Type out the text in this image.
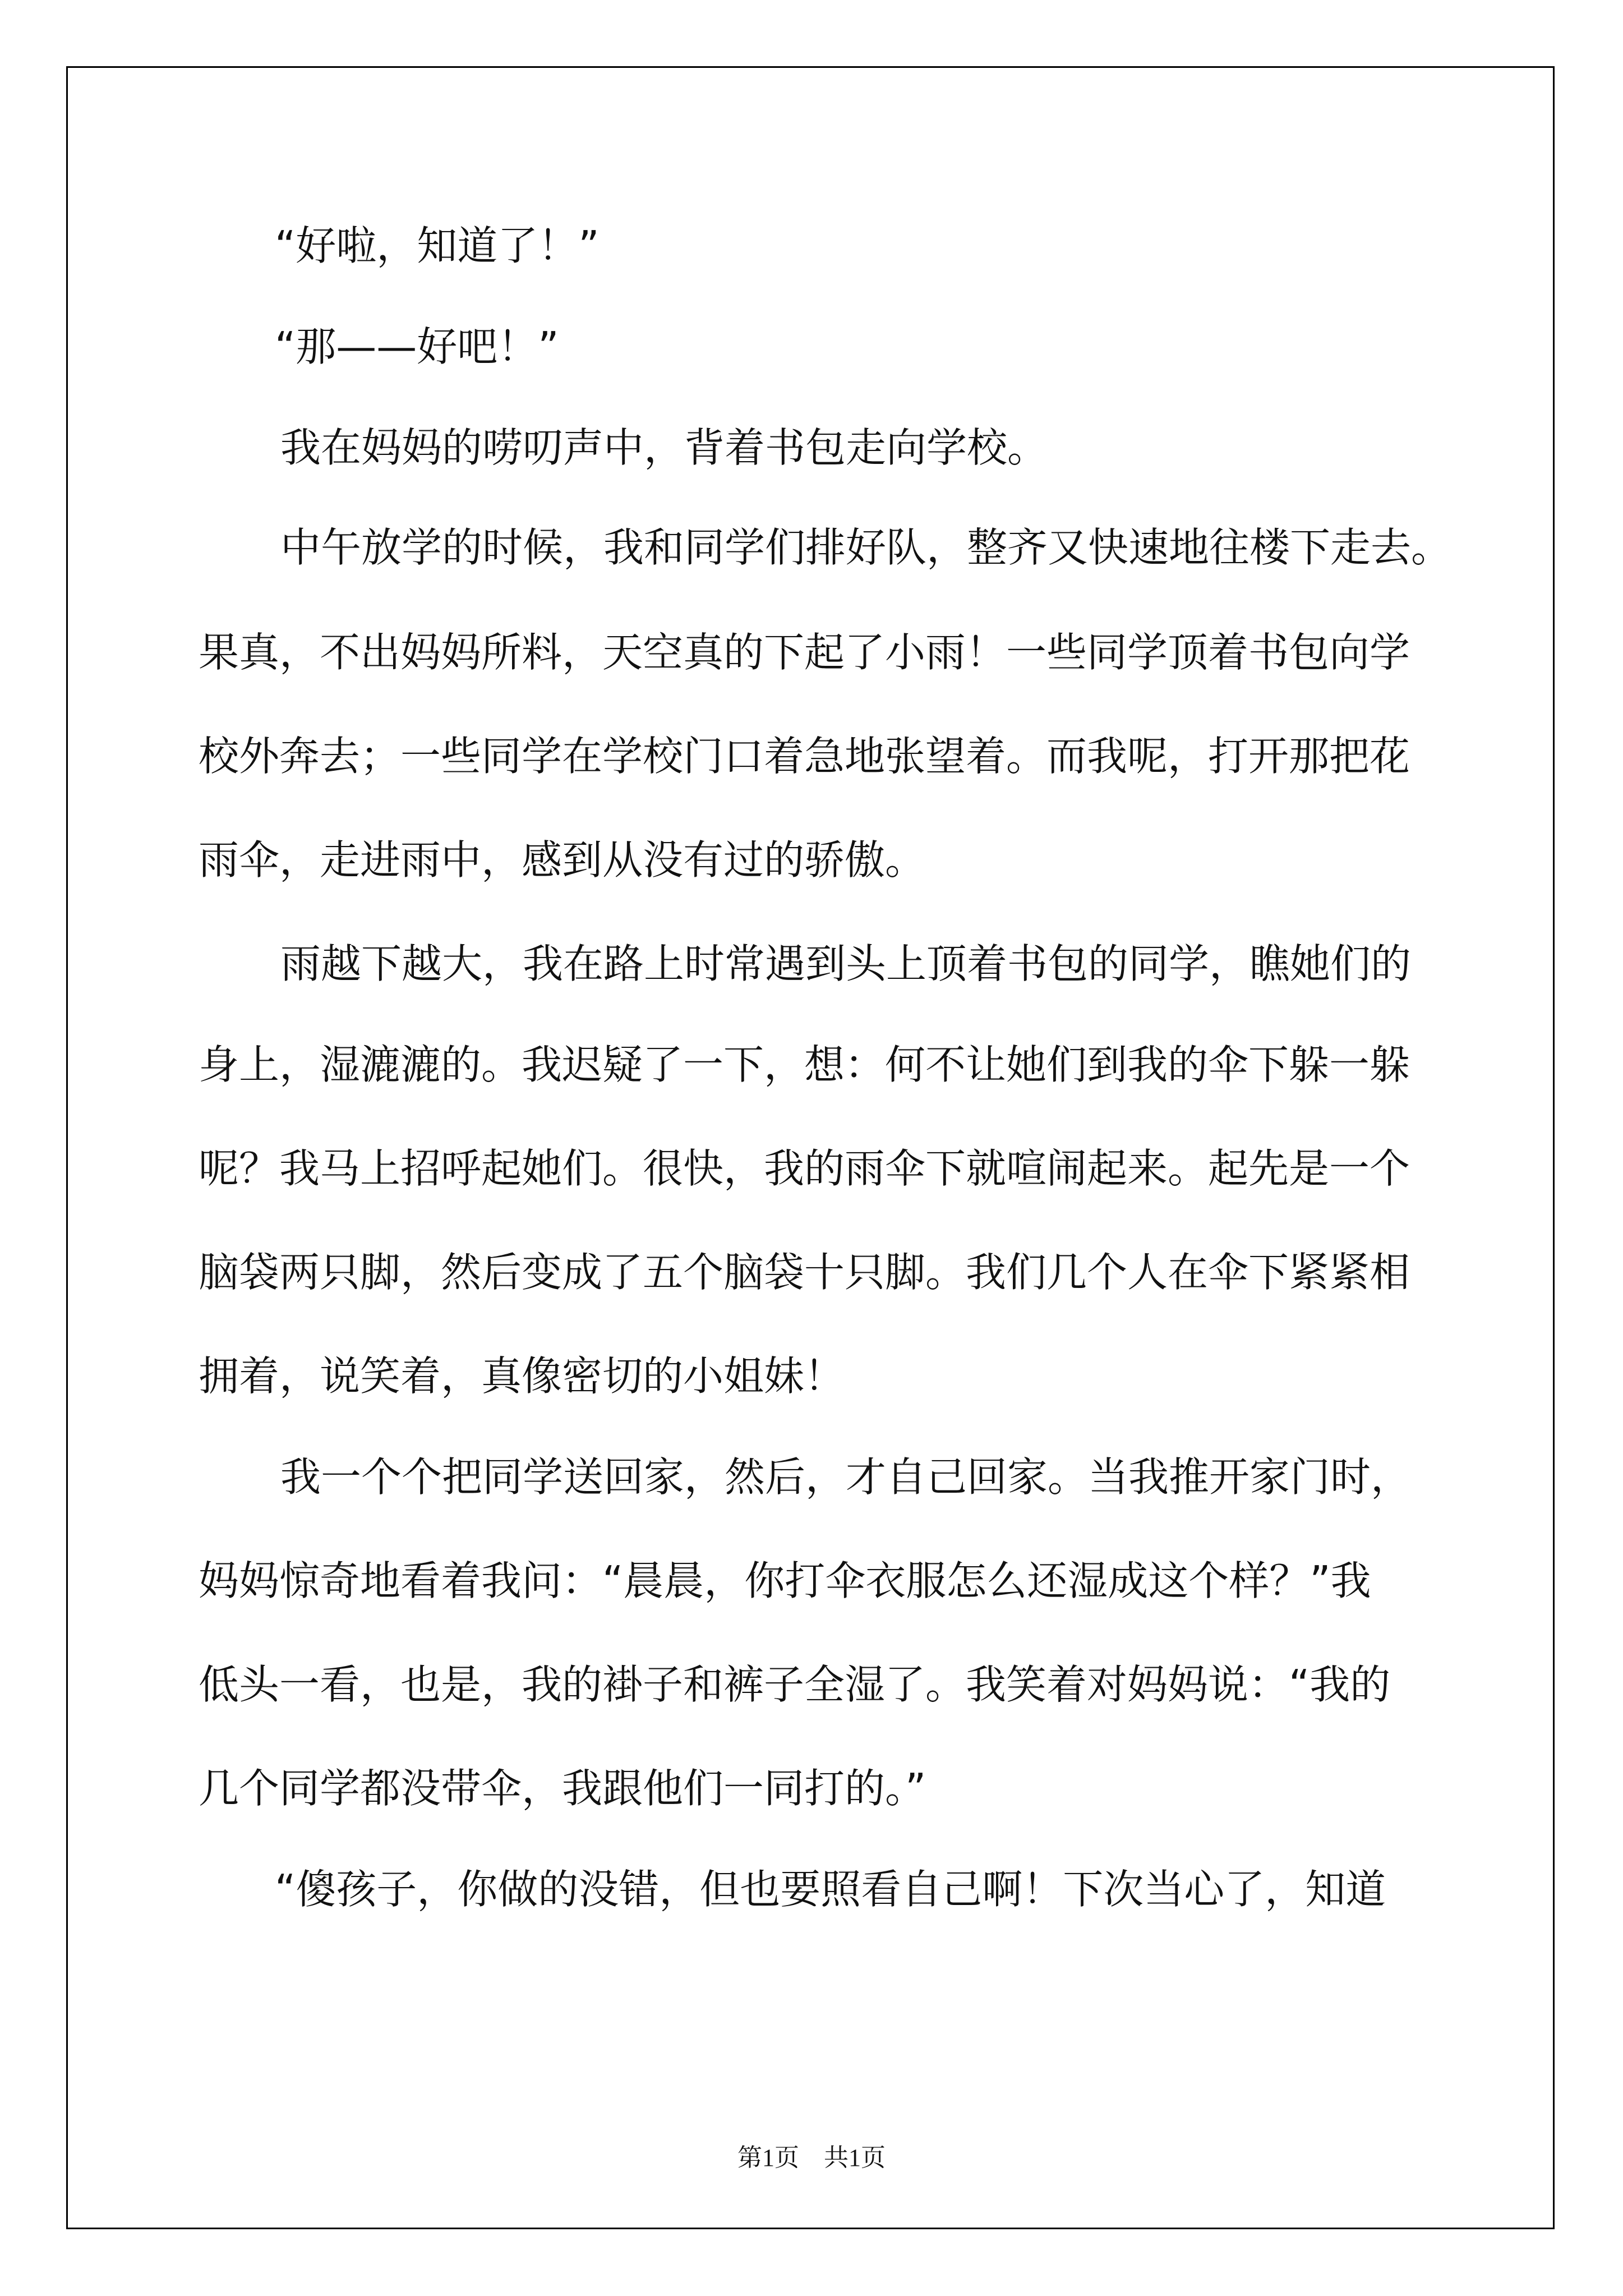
“好啦，知道了！”
“那——好吧！”
我在妈妈的唠叨声中，背着书包走向学校。
中午放学的时候，我和同学们排好队，整齐又快速地往楼下走去。
果真，不出妈妈所料，天空真的下起了小雨！一些同学顶着书包向学
校外奔去；一些同学在学校门口着急地张望着。而我呢，打开那把花
雨伞，走进雨中，感到从没有过的骄傲。
雨越下越大，我在路上时常遇到头上顶着书包的同学，瞧她们的
身上，湿漉漉的。我迟疑了一下，想：何不让她们到我的伞下躲一躲
呢？我马上招呼起她们。很快，我的雨伞下就喧闹起来。起先是一个
脑袋两只脚，然后变成了五个脑袋十只脚。我们几个人在伞下紧紧相
拥着，说笑着，真像密切的小姐妹！
我一个个把同学送回家，然后，才自己回家。当我推开家门时，
妈妈惊奇地看着我问：“晨晨，你打伞衣服怎么还湿成这个样？”我
低头一看，也是，我的褂子和裤子全湿了。我笑着对妈妈说：“我的
几个同学都没带伞，我跟他们一同打的。”
“傻孩子，你做的没错，但也要照看自己啊！下次当心了，知道
第1页 共1页
